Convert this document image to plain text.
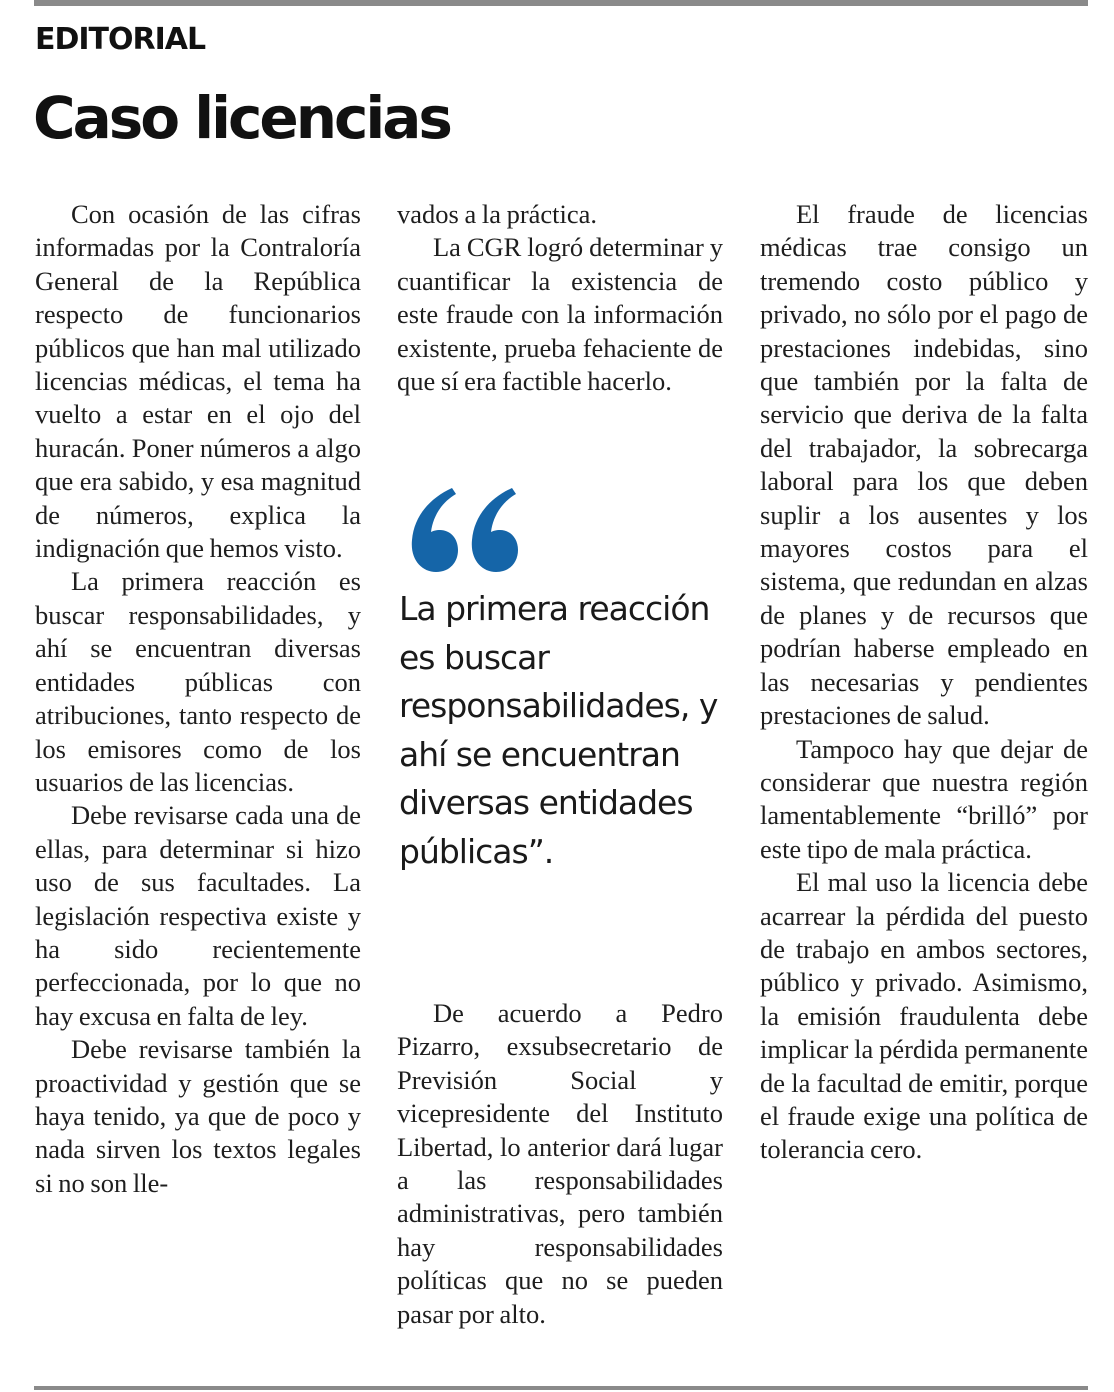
EDITORIAL
Caso licencias

Con ocasión de las cifras informadas por la Contraloría General de la República respecto de funcionarios públicos que han mal utilizado licencias médicas, el tema ha vuelto a estar en el ojo del huracán. Poner números a algo que era sabido, y esa magnitud de números, explica la indignación que hemos visto.

La primera reacción es buscar responsabilidades, y ahí se encuentran diversas entidades públicas con atribuciones, tanto respecto de los emisores como de los usuarios de las licencias.

Debe revisarse cada una de ellas, para determinar si hizo uso de sus facultades. La legislación respectiva existe y ha sido recientemente perfeccionada, por lo que no hay excusa en falta de ley.

Debe revisarse también la proactividad y gestión que se haya tenido, ya que de poco y nada sirven los textos legales si no son lle-

vados a la práctica.

La CGR logró determinar y cuantificar la existencia de este fraude con la información existente, prueba fehaciente de que sí era factible hacerlo.

La primera reacción es buscar responsabilidades, y ahí se encuentran diversas entidades públicas”.

De acuerdo a Pedro Pizarro, exsubsecretario de Previsión Social y vicepresidente del Instituto Libertad, lo anterior dará lugar a las responsabilidades administrativas, pero también hay responsabilidades políticas que no se pueden pasar por alto.

El fraude de licencias médicas trae consigo un tremendo costo público y privado, no sólo por el pago de prestaciones indebidas, sino que también por la falta de servicio que deriva de la falta del trabajador, la sobrecarga laboral para los que deben suplir a los ausentes y los mayores costos para el sistema, que redundan en alzas de planes y de recursos que podrían haberse empleado en las necesarias y pendientes prestaciones de salud.

Tampoco hay que dejar de considerar que nuestra región lamentablemente “brilló” por este tipo de mala práctica.

El mal uso la licencia debe acarrear la pérdida del puesto de trabajo en ambos sectores, público y privado. Asimismo, la emisión fraudulenta debe implicar la pérdida permanente de la facultad de emitir, porque el fraude exige una política de tolerancia cero.
